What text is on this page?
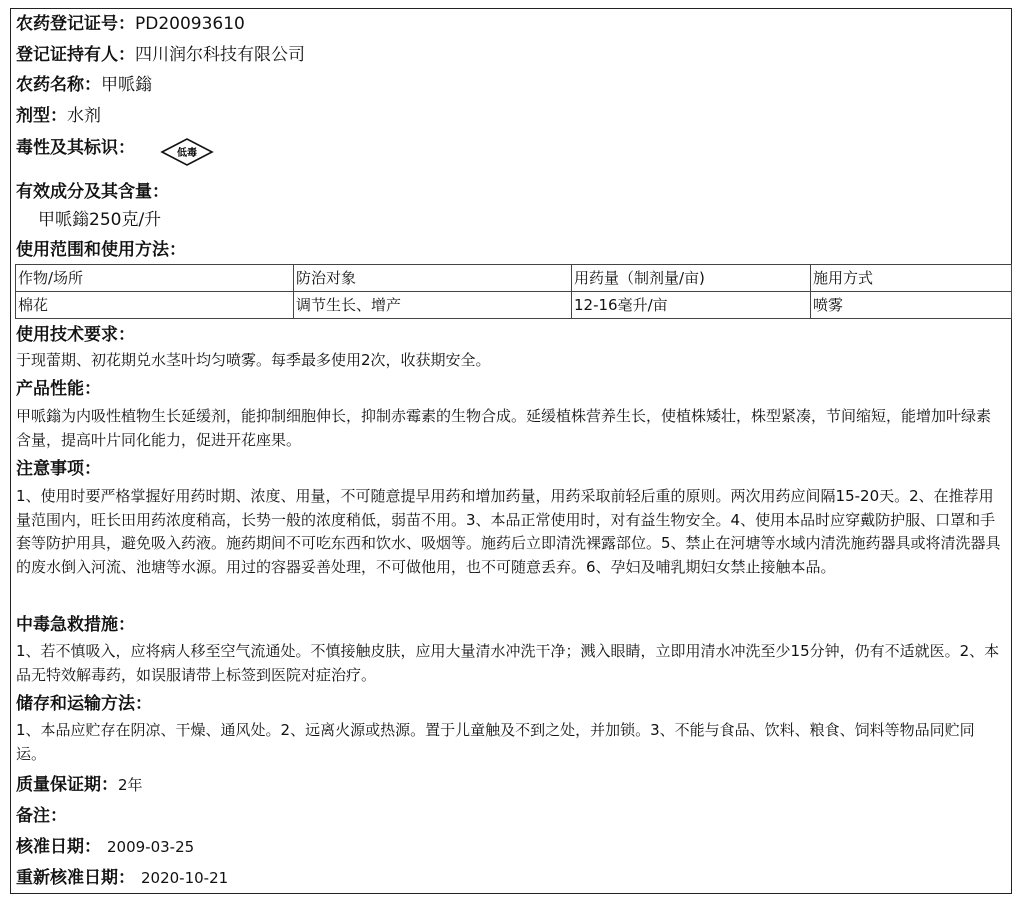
农药登记证号：PD20093610
登记证持有人：四川润尔科技有限公司
农药名称：甲哌鎓
剂型：水剂
毒性及其标识：	低毒
有效成分及其含量：
甲哌鎓250克/升
使用范围和使用方法：
作物/场所	防治对象	用药量（制剂量/亩)	施用方式
棉花	调节生长、增产	12-16毫升/亩	喷雾
使用技术要求：
于现蕾期、初花期兑水茎叶均匀喷雾。每季最多使用2次，收获期安全。
产品性能：
甲哌鎓为内吸性植物生长延缓剂，能抑制细胞伸长，抑制赤霉素的生物合成。延缓植株营养生长，使植株矮壮，株型紧凑，节间缩短，能增加叶绿素含量，提高叶片同化能力，促进开花座果。
注意事项：
1、使用时要严格掌握好用药时期、浓度、用量，不可随意提早用药和增加药量，用药采取前轻后重的原则。两次用药应间隔15-20天。2、在推荐用量范围内，旺长田用药浓度稍高，长势一般的浓度稍低，弱苗不用。3、本品正常使用时，对有益生物安全。4、使用本品时应穿戴防护服、口罩和手套等防护用具，避免吸入药液。施药期间不可吃东西和饮水、吸烟等。施药后立即清洗裸露部位。5、禁止在河塘等水域内清洗施药器具或将清洗器具的废水倒入河流、池塘等水源。用过的容器妥善处理，不可做他用，也不可随意丢弃。6、孕妇及哺乳期妇女禁止接触本品。
中毒急救措施：
1、若不慎吸入，应将病人移至空气流通处。不慎接触皮肤，应用大量清水冲洗干净；溅入眼睛，立即用清水冲洗至少15分钟，仍有不适就医。2、本品无特效解毒药，如误服请带上标签到医院对症治疗。
储存和运输方法：
1、本品应贮存在阴凉、干燥、通风处。2、远离火源或热源。置于儿童触及不到之处，并加锁。3、不能与食品、饮料、粮食、饲料等物品同贮同运。
质量保证期：2年
备注：
核准日期： 2009-03-25
重新核准日期： 2020-10-21
